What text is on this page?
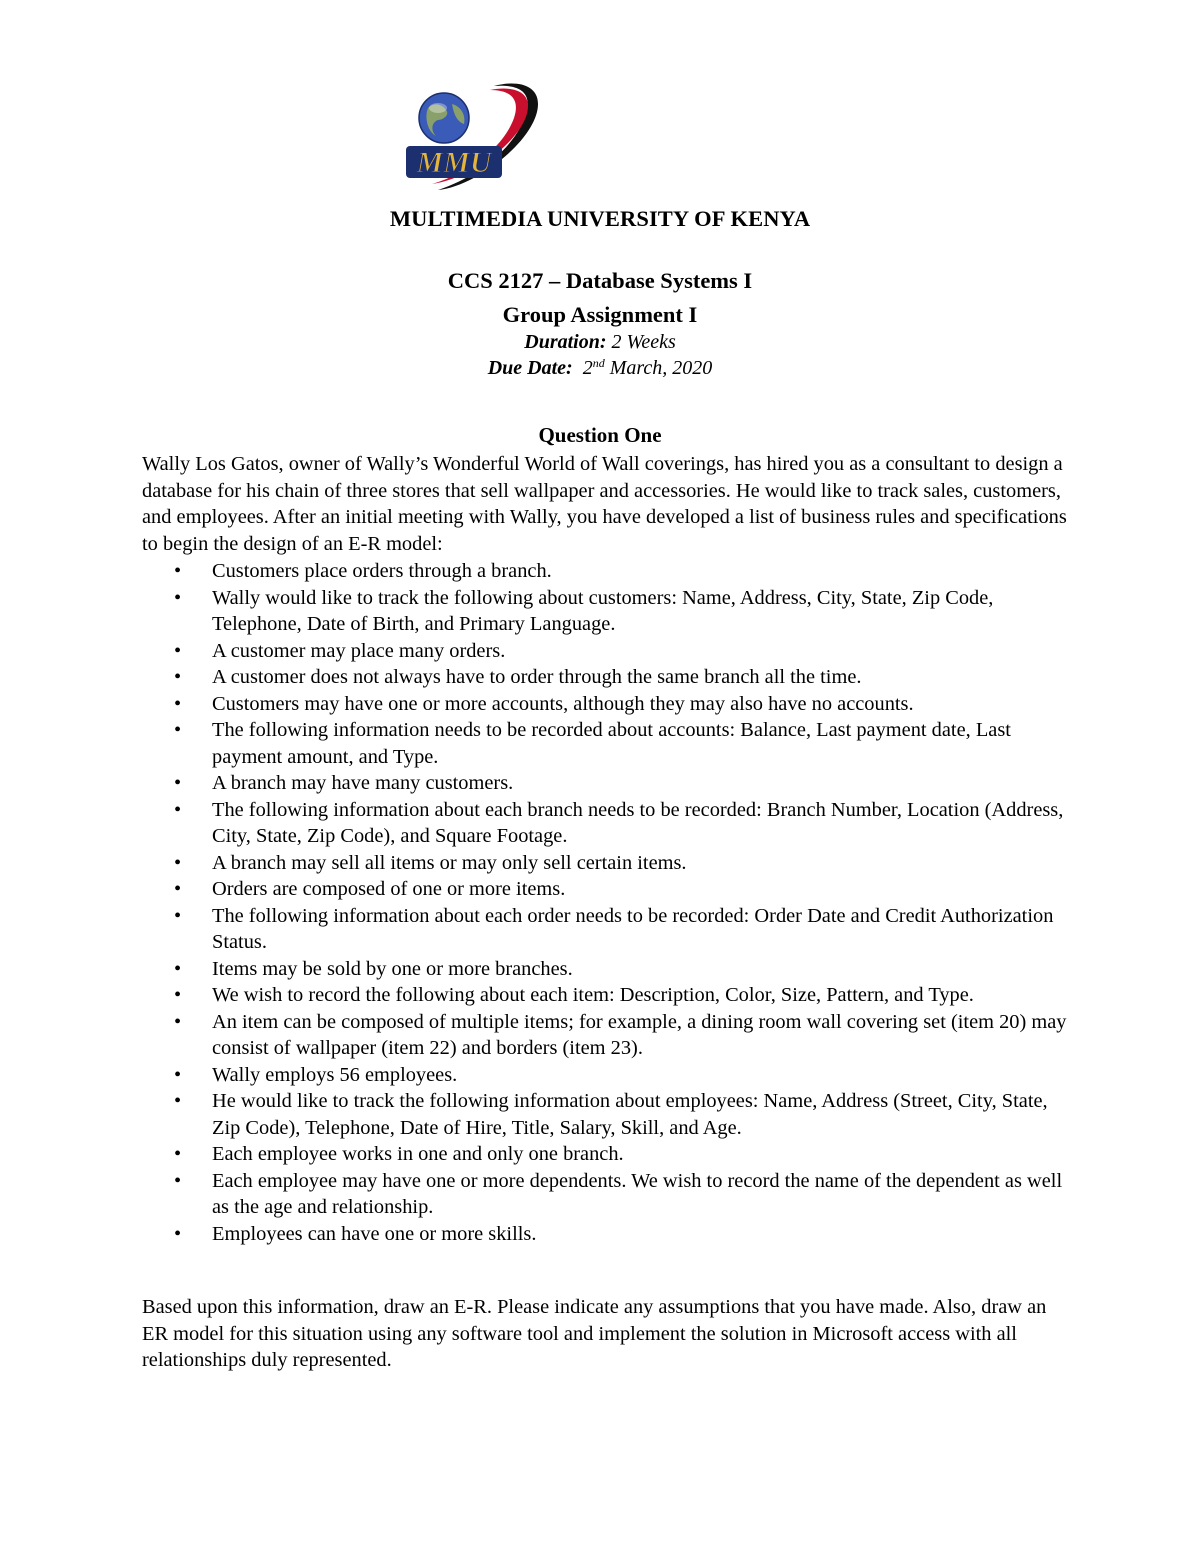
MMU
MULTIMEDIA UNIVERSITY OF KENYA
CCS 2127 – Database Systems I
Group Assignment I
Duration: 2 Weeks
Due Date:  2nd March, 2020
Question One
Wally Los Gatos, owner of Wally’s Wonderful World of Wall coverings, has hired you as a consultant to design a database for his chain of three stores that sell wallpaper and accessories. He would like to track sales, customers, and employees. After an initial meeting with Wally, you have developed a list of business rules and specifications to begin the design of an E-R model:
• Customers place orders through a branch.
• Wally would like to track the following about customers: Name, Address, City, State, Zip Code, Telephone, Date of Birth, and Primary Language.
• A customer may place many orders.
• A customer does not always have to order through the same branch all the time.
• Customers may have one or more accounts, although they may also have no accounts.
• The following information needs to be recorded about accounts: Balance, Last payment date, Last payment amount, and Type.
• A branch may have many customers.
• The following information about each branch needs to be recorded: Branch Number, Location (Address, City, State, Zip Code), and Square Footage.
• A branch may sell all items or may only sell certain items.
• Orders are composed of one or more items.
• The following information about each order needs to be recorded: Order Date and Credit Authorization Status.
• Items may be sold by one or more branches.
• We wish to record the following about each item: Description, Color, Size, Pattern, and Type.
• An item can be composed of multiple items; for example, a dining room wall covering set (item 20) may consist of wallpaper (item 22) and borders (item 23).
• Wally employs 56 employees.
• He would like to track the following information about employees: Name, Address (Street, City, State, Zip Code), Telephone, Date of Hire, Title, Salary, Skill, and Age.
• Each employee works in one and only one branch.
• Each employee may have one or more dependents. We wish to record the name of the dependent as well as the age and relationship.
• Employees can have one or more skills.
Based upon this information, draw an E-R. Please indicate any assumptions that you have made. Also, draw an ER model for this situation using any software tool and implement the solution in Microsoft access with all relationships duly represented.
